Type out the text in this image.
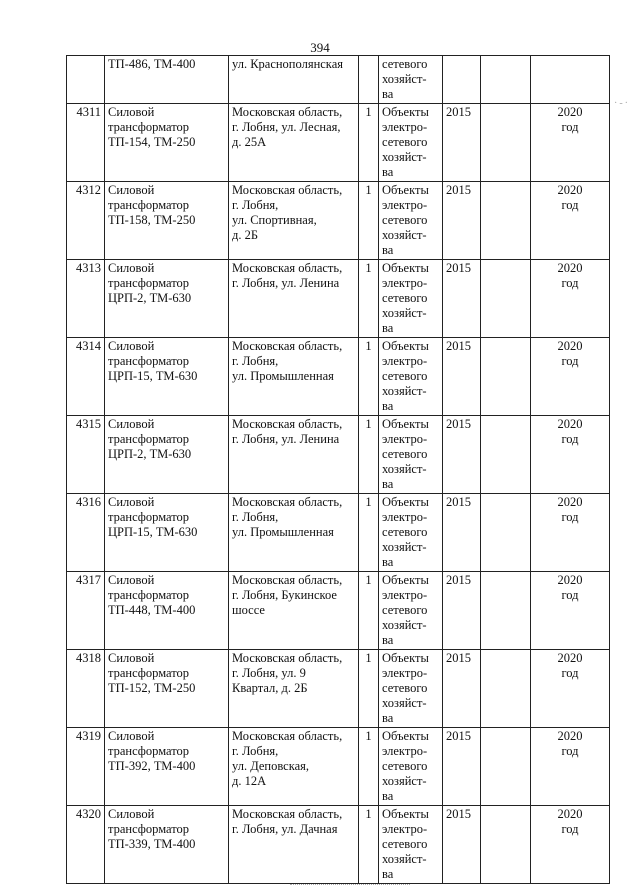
394
·‐·

	ТП-486, ТМ-400	ул. Краснополянская		сетевого
хозяйст-
ва			

4311	Силовой
трансформатор
ТП-154, ТМ-250	Московская область,
г. Лобня, ул. Лесная,
д. 25А	1	Объекты
электро-
сетевого
хозяйст-
ва	2015		2020
год

4312	Силовой
трансформатор
ТП-158, ТМ-250	Московская область,
г. Лобня,
ул. Спортивная,
д. 2Б	1	Объекты
электро-
сетевого
хозяйст-
ва	2015		2020
год

4313	Силовой
трансформатор
ЦРП-2, ТМ-630	Московская область,
г. Лобня, ул. Ленина	1	Объекты
электро-
сетевого
хозяйст-
ва	2015		2020
год

4314	Силовой
трансформатор
ЦРП-15, ТМ-630	Московская область,
г. Лобня,
ул. Промышленная	1	Объекты
электро-
сетевого
хозяйст-
ва	2015		2020
год

4315	Силовой
трансформатор
ЦРП-2, ТМ-630	Московская область,
г. Лобня, ул. Ленина	1	Объекты
электро-
сетевого
хозяйст-
ва	2015		2020
год

4316	Силовой
трансформатор
ЦРП-15, ТМ-630	Московская область,
г. Лобня,
ул. Промышленная	1	Объекты
электро-
сетевого
хозяйст-
ва	2015		2020
год

4317	Силовой
трансформатор
ТП-448, ТМ-400	Московская область,
г. Лобня, Букинское
шоссе	1	Объекты
электро-
сетевого
хозяйст-
ва	2015		2020
год

4318	Силовой
трансформатор
ТП-152, ТМ-250	Московская область,
г. Лобня, ул. 9
Квартал, д. 2Б	1	Объекты
электро-
сетевого
хозяйст-
ва	2015		2020
год

4319	Силовой
трансформатор
ТП-392, ТМ-400	Московская область,
г. Лобня,
ул. Деповская,
д. 12А	1	Объекты
электро-
сетевого
хозяйст-
ва	2015		2020
год

4320	Силовой
трансформатор
ТП-339, ТМ-400	Московская область,
г. Лобня, ул. Дачная	1	Объекты
электро-
сетевого
хозяйст-
ва	2015		2020
год
